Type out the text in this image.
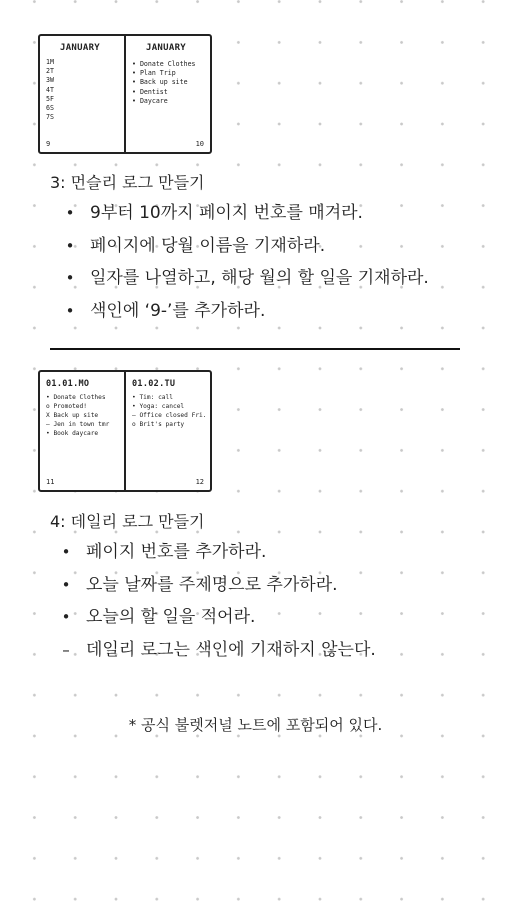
JANUARY
1M
2T
3W
4T
5F
6S
7S
9
JANUARY
• Donate Clothes
• Plan Trip
• Back up site
• Dentist
• Daycare
10
3: 먼슬리 로그 만들기
• 9부터 10까지 페이지 번호를 매겨라.
• 페이지에 당월 이름을 기재하라.
• 일자를 나열하고, 해당 월의 할 일을 기재하라.
• 색인에 ‘9-’를 추가하라.
01.01.MO
• Donate Clothes
o Promoted!
X Back up site
– Jen in town tmr
• Book daycare
11
01.02.TU
• Tim: call
• Yoga: cancel
– Office closed Fri.
o Brit's party
12
4: 데일리 로그 만들기
• 페이지 번호를 추가하라.
• 오늘 날짜를 주제명으로 추가하라.
• 오늘의 할 일을 적어라.
– 데일리 로그는 색인에 기재하지 않는다.
* 공식 불렛저널 노트에 포함되어 있다.
